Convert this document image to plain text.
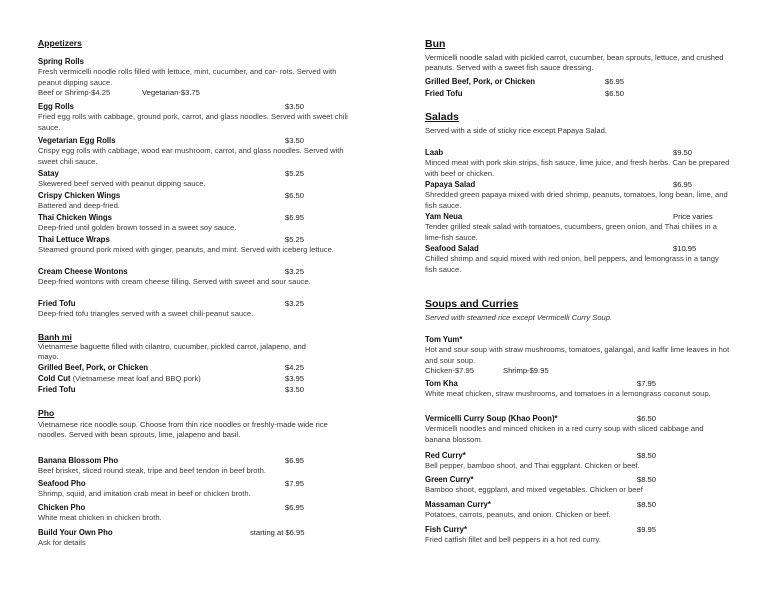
Appetizers
Spring Rolls
Fresh vermicelli noodle rolls filled with lettuce, mint, cucumber, and car- rots. Served with peanut dipping sauce.
Beef or Shrimp-$4.25	Vegetarian-$3.75
Egg Rolls	$3.50
Fried egg rolls with cabbage, ground pork, carrot, and glass noodles. Served with sweet chili sauce.
Vegetarian Egg Rolls	$3.50
Crispy egg rolls with cabbage, wood ear mushroom, carrot, and glass noodles. Served with sweet chili sauce.
Satay	$5.25
Skewered beef served with peanut dipping sauce.
Crispy Chicken Wings	$6.50
Battered and deep-fried.
Thai Chicken Wings	$6.95
Deep-fried until golden brown tossed in a sweet soy sauce.
Thai Lettuce Wraps	$5.25
Steamed ground pork mixed with ginger, peanuts, and mint. Served with iceberg lettuce.
Cream Cheese Wontons	$3.25
Deep-fried wontons with cream cheese filling. Served with sweet and sour sauce.
Fried Tofu	$3.25
Deep-fried tofu triangles served with a sweet chili-peanut sauce.
Banh mi
Vietnamese baguette filled with cilantro, cucumber, pickled carrot, jalapeno, and mayo.
Grilled Beef, Pork, or Chicken	$4.25
Cold Cut (Vietnamese meat loaf and BBQ pork)	$3.95
Fried Tofu	$3.50
Pho
Vietnamese rice noodle soup. Choose from thin rice noodles or freshly-made wide rice noodles. Served with bean sprouts, lime, jalapeno and basil.
Banana Blossom Pho	$6.95
Beef brisket, sliced round steak, tripe and beef tendon in beef broth.
Seafood Pho	$7.95
Shrimp, squid, and imitation crab meat in beef or chicken broth.
Chicken Pho	$6.95
White meat chicken in chicken broth.
Build Your Own Pho	starting at $6.95
Ask for details
Bun
Vermicelli noodle salad with pickled carrot, cucumber, bean sprouts, lettuce, and crushed peanuts. Served with a sweet fish sauce dressing.
Grilled Beef, Pork, or Chicken	$6.95
Fried Tofu	$6.50
Salads
Served with a side of sticky rice except Papaya Salad.
Laab	$9.50
Minced meat with pork skin strips, fish sauce, lime juice, and fresh herbs. Can be prepared with beef or chicken.
Papaya Salad	$6.95
Shredded green papaya mixed with dried shrimp, peanuts, tomatoes, long bean, lime, and fish sauce.
Yam Neua	Price varies
Tender grilled steak salad with tomatoes, cucumbers, green onion, and Thai chilies in a lime-fish sauce.
Seafood Salad	$10.95
Chilled shrimp and squid mixed with red onion, bell peppers, and lemongrass in a tangy fish sauce.
Soups and Curries
Served with steamed rice except Vermicelli Curry Soup.
Tom Yum*
Hot and sour soup with straw mushrooms, tomatoes, galangal, and kaffir lime leaves in hot and sour soup.
Chicken-$7.95	Shrimp-$9.95
Tom Kha	$7.95
White meat chicken, straw mushrooms, and tomatoes in a lemongrass coconut soup.
Vermicelli Curry Soup (Khao Poon)*	$6.50
Vermicelli noodles and minced chicken in a red curry soup with sliced cabbage and banana blossom.
Red Curry*	$8.50
Bell pepper, bamboo shoot, and Thai eggplant. Chicken or beef.
Green Curry*	$8.50
Bamboo shoot, eggplant, and mixed vegetables. Chicken or beef
Massaman Curry*	$8.50
Potatoes, carrots, peanuts, and onion. Chicken or beef.
Fish Curry*	$9.95
Fried catfish fillet and bell peppers in a hot red curry.
